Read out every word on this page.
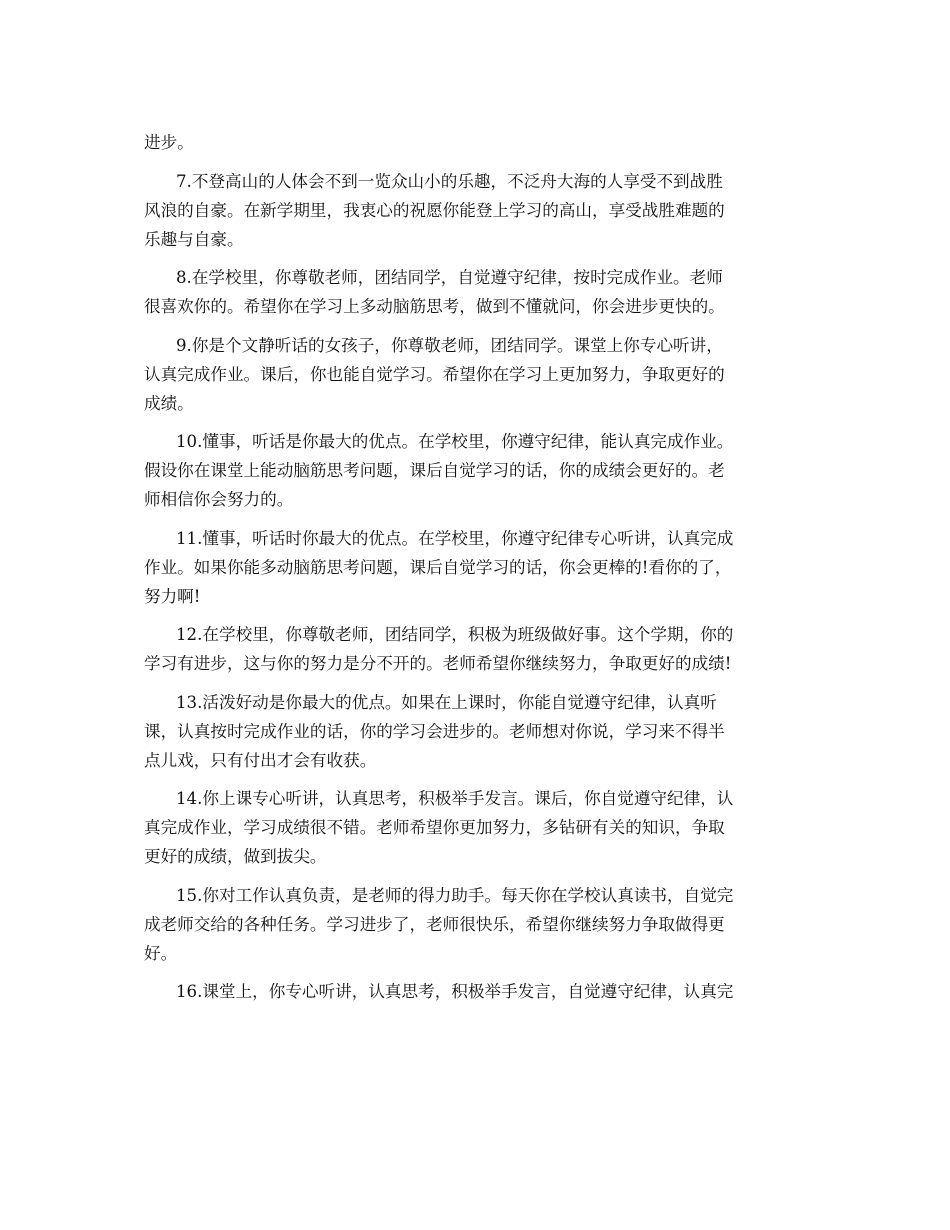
进步。
7.不登高山的人体会不到一览众山小的乐趣，不泛舟大海的人享受不到战胜
风浪的自豪。在新学期里，我衷心的祝愿你能登上学习的高山，享受战胜难题的
乐趣与自豪。
8.在学校里，你尊敬老师，团结同学，自觉遵守纪律，按时完成作业。老师
很喜欢你的。希望你在学习上多动脑筋思考，做到不懂就问，你会进步更快的。
9.你是个文静听话的女孩子，你尊敬老师，团结同学。课堂上你专心听讲，
认真完成作业。课后，你也能自觉学习。希望你在学习上更加努力，争取更好的
成绩。
10.懂事，听话是你最大的优点。在学校里，你遵守纪律，能认真完成作业。
假设你在课堂上能动脑筋思考问题，课后自觉学习的话，你的成绩会更好的。老
师相信你会努力的。
11.懂事，听话时你最大的优点。在学校里，你遵守纪律专心听讲，认真完成
作业。如果你能多动脑筋思考问题，课后自觉学习的话，你会更棒的!看你的了，
努力啊!
12.在学校里，你尊敬老师，团结同学，积极为班级做好事。这个学期，你的
学习有进步，这与你的努力是分不开的。老师希望你继续努力，争取更好的成绩!
13.活泼好动是你最大的优点。如果在上课时，你能自觉遵守纪律，认真听
课，认真按时完成作业的话，你的学习会进步的。老师想对你说，学习来不得半
点儿戏，只有付出才会有收获。
14.你上课专心听讲，认真思考，积极举手发言。课后，你自觉遵守纪律，认
真完成作业，学习成绩很不错。老师希望你更加努力，多钻研有关的知识，争取
更好的成绩，做到拔尖。
15.你对工作认真负责，是老师的得力助手。每天你在学校认真读书，自觉完
成老师交给的各种任务。学习进步了，老师很快乐，希望你继续努力争取做得更
好。
16.课堂上，你专心听讲，认真思考，积极举手发言，自觉遵守纪律，认真完
